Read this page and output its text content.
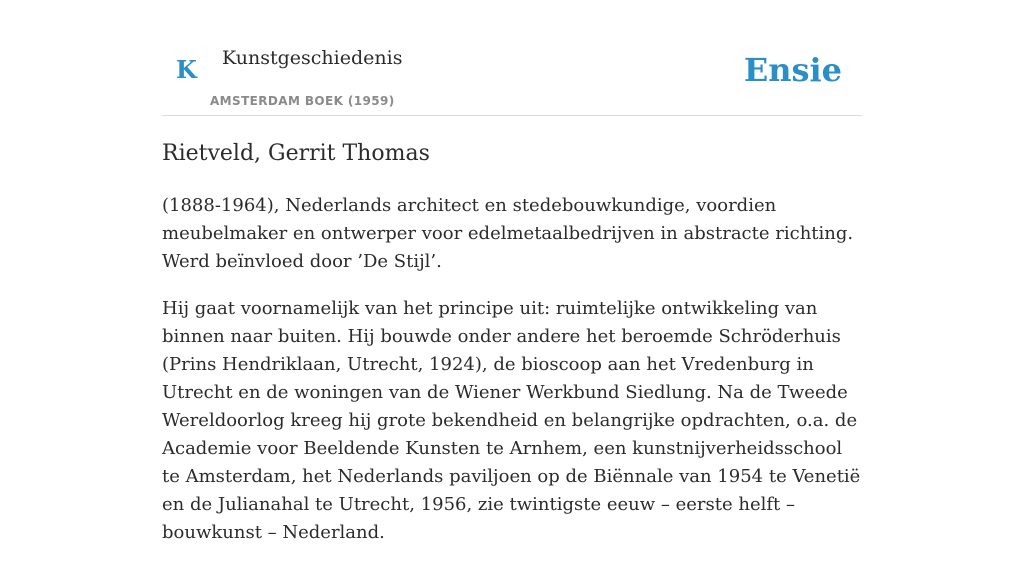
K Kunstgeschiedenis
AMSTERDAM BOEK (1959)
Ensie
Rietveld, Gerrit Thomas

(1888-1964), Nederlands architect en stedebouwkundige, voordien meubelmaker en ontwerper voor edelmetaalbedrijven in abstracte richting. Werd beïnvloed door ’De Stijl’.

Hij gaat voornamelijk van het principe uit: ruimtelijke ontwikkeling van binnen naar buiten. Hij bouwde onder andere het beroemde Schröderhuis (Prins Hendriklaan, Utrecht, 1924), de bioscoop aan het Vredenburg in Utrecht en de woningen van de Wiener Werkbund Siedlung. Na de Tweede Wereldoorlog kreeg hij grote bekendheid en belangrijke opdrachten, o.a. de Academie voor Beeldende Kunsten te Arnhem, een kunstnijverheidsschool te Amsterdam, het Nederlands paviljoen op de Biënnale van 1954 te Venetië en de Julianahal te Utrecht, 1956, zie twintigste eeuw – eerste helft – bouwkunst – Nederland.
